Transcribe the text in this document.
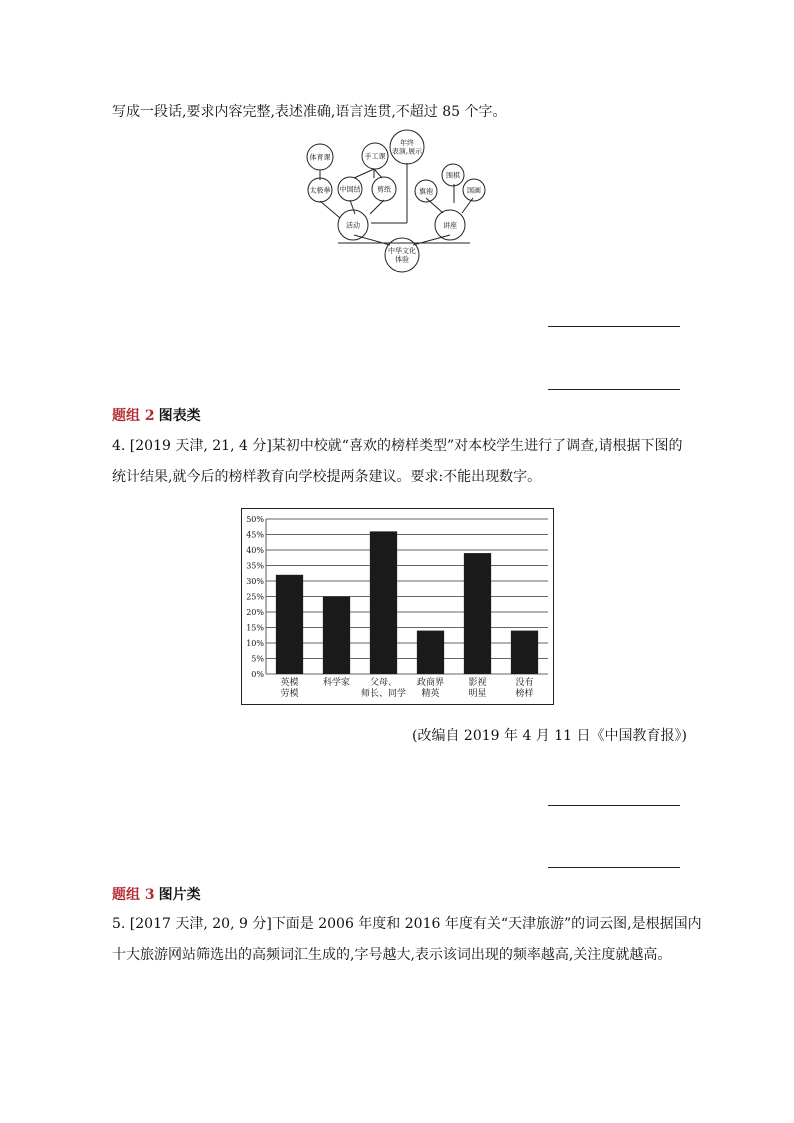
写成一段话,要求内容完整,表述准确,语言连贯,不超过 85 个字。
体育课
太极拳
手工课
中国结 剪纸
年终表演,展示
活动
围棋
旗袍	国画
讲座
中华文化体验
题组 2 图表类
4. [2019 天津, 21, 4 分]某初中校就“喜欢的榜样类型”对本校学生进行了调查,请根据下图的
统计结果,就今后的榜样教育向学校提两条建议。要求:不能出现数字。
0%
5%
10%
15%
20%
25%
30%
35%
40%
45%
50%
英模劳模
科学家	父母、师长、同学
政商界精英
影视明星
没有榜样
(改编自 2019 年 4 月 11 日《中国教育报》)
题组 3 图片类
5. [2017 天津, 20, 9 分]下面是 2006 年度和 2016 年度有关“天津旅游”的词云图,是根据国内
十大旅游网站筛选出的高频词汇生成的,字号越大,表示该词出现的频率越高,关注度就越高。
